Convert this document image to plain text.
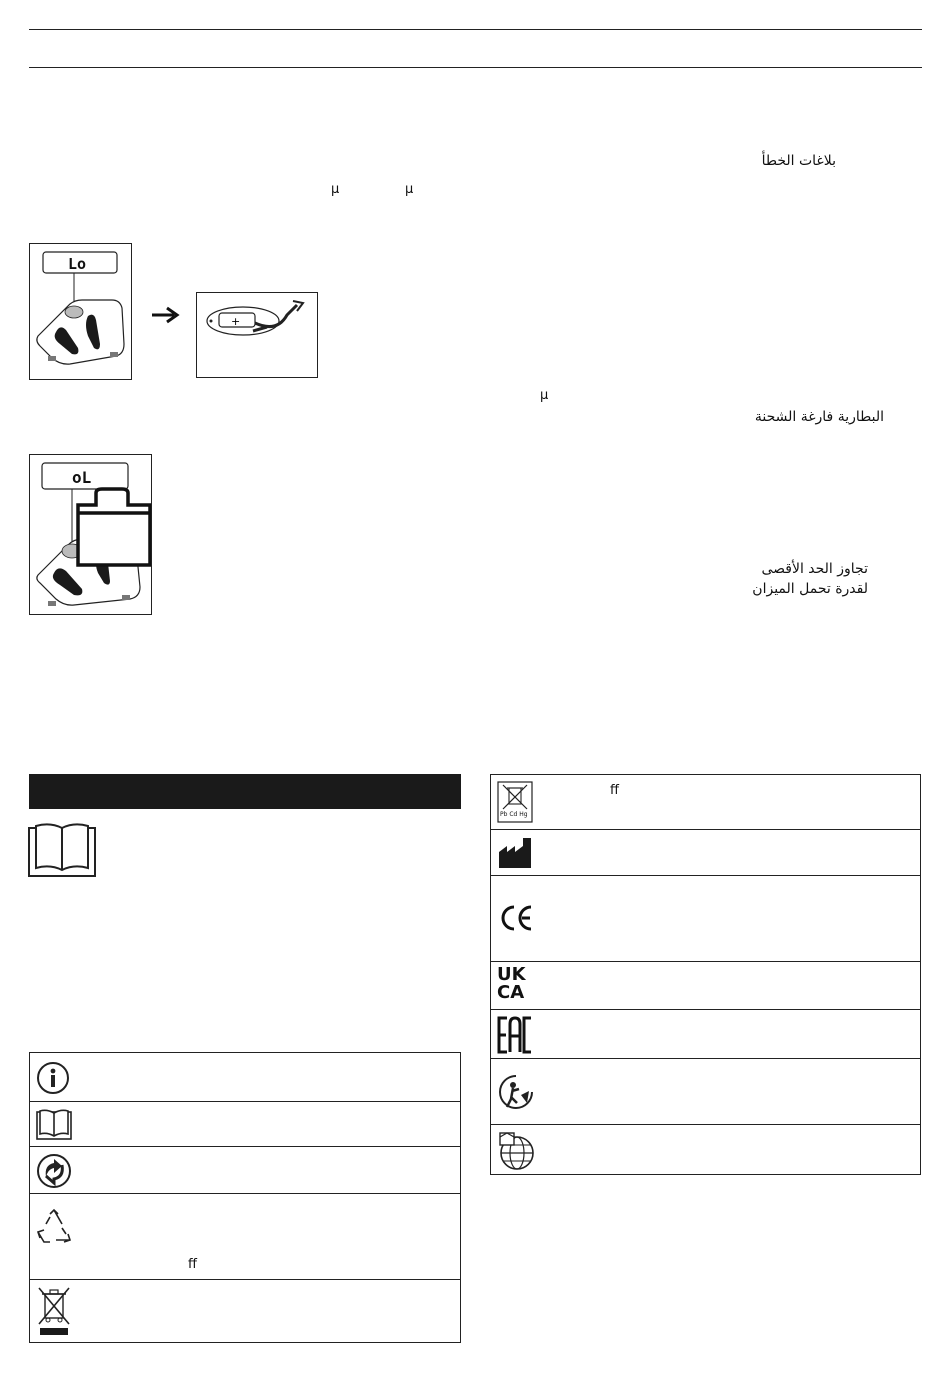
بلاغات الخطأ
µ	µ
Lo
+
µ
البطارية فارغة الشحنة
oL
تجاوز الحد الأقصى
لقدرة تحمل الميزان
ﬀ
Pb Cd Hg
ﬀ
UK
CA
